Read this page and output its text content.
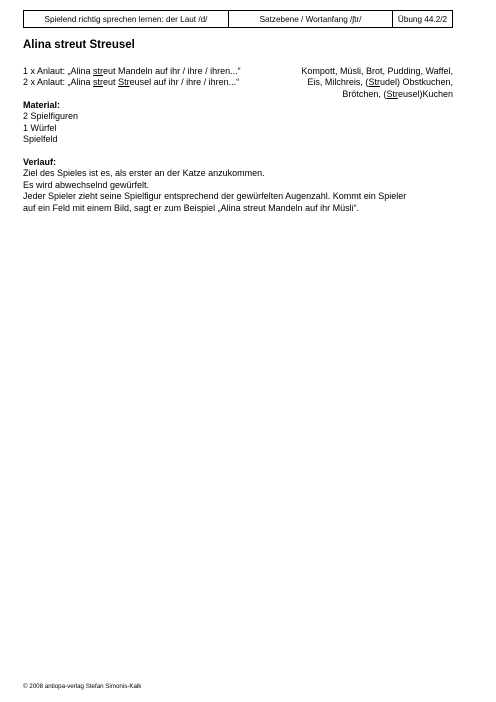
Spielend richtig sprechen lernen: der Laut /d/	Satzebene / Wortanfang /ʃtr/	Übung 44.2/2
Alina streut Streusel
1 x Anlaut: „Alina streut Mandeln auf ihr / ihre / ihren...“	Kompott, Müsli, Brot, Pudding, Waffel,
2 x Anlaut: „Alina streut Streusel auf ihr / ihre / ihren...“	Eis, Milchreis, (Strudel) Obstkuchen,
Brötchen, (Streusel)Kuchen
Material:
2 Spielfiguren
1 Würfel
Spielfeld
Verlauf:
Ziel des Spieles ist es, als erster an der Katze anzukommen.
Es wird abwechselnd gewürfelt.
Jeder Spieler zieht seine Spielfigur entsprechend der gewürfelten Augenzahl. Kommt ein Spieler
auf ein Feld mit einem Bild, sagt er zum Beispiel „Alina streut Mandeln auf ihr Müsli“.
© 2008 antiopa-verlag Stefan Simonis-Kalk
